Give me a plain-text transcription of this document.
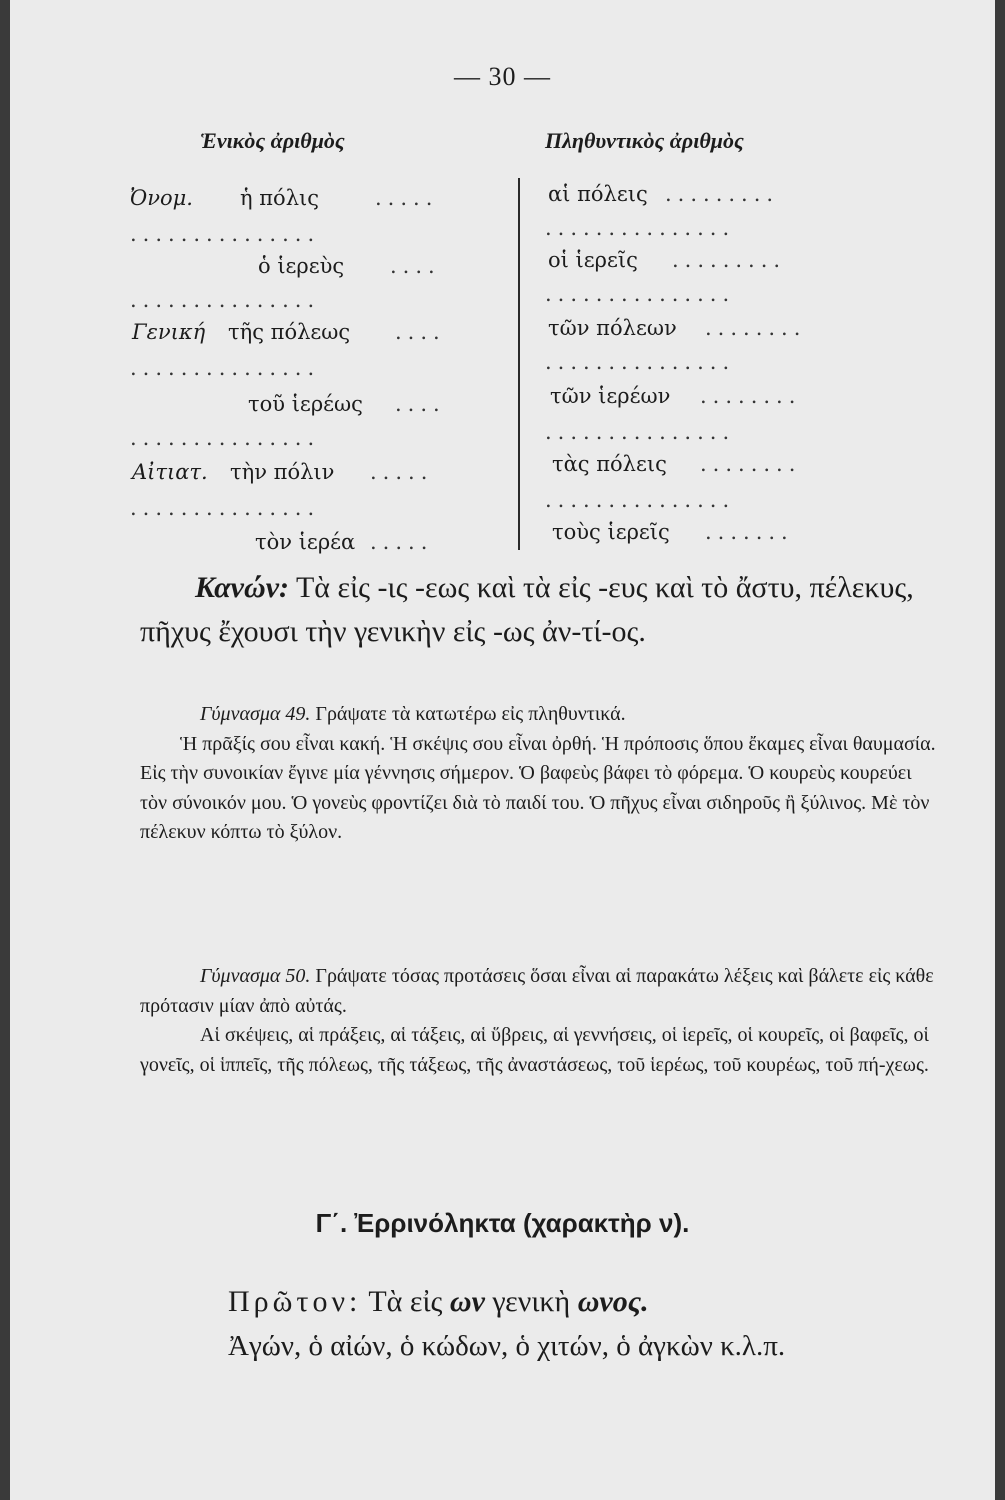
— 30 —
Ἑνικὸς ἀριθμὸς	Πληθυντικὸς ἀριθμὸς
Ὀνομ. ἡ πόλις	.....
...............
ὁ ἱερεὺς ....
...............
Γενική τῆς πόλεως ....
...............
τοῦ ἱερέως ....
...............
Αἰτιατ. τὴν πόλιν .....
...............
τὸν ἱερέα .....
αἱ πόλεις .........
...............
οἱ ἱερεῖς .........
...............
τῶν πόλεων ........
...............
τῶν ἱερέων ........
...............
τὰς πόλεις ........
...............
τοὺς ἱερεῖς .......

Κανών: Τὰ εἰς -ις -εως καὶ τὰ εἰς -ευς καὶ τὸ ἄστυ, πέλεκυς, πῆχυς ἔχουσι τὴν γενικὴν εἰς -ως ἀν-τί-ος.

Γύμνασμα 49. Γράψατε τὰ κατωτέρω εἰς πληθυντικά.

Ἡ πρᾶξίς σου εἶναι κακή. Ἡ σκέψις σου εἶναι ὀρθή. Ἡ πρόποσις ὅπου ἔκαμες εἶναι θαυμασία. Εἰς τὴν συνοικίαν ἔγινε μία γέννησις σήμερον. Ὁ βαφεὺς βάφει τὸ φόρεμα. Ὁ κουρεὺς κουρεύει τὸν σύνοικόν μου. Ὁ γονεὺς φροντίζει διὰ τὸ παιδί του. Ὁ πῆχυς εἶναι σιδηροῦς ἢ ξύλινος. Μὲ τὸν πέλεκυν κόπτω τὸ ξύλον.

Γύμνασμα 50. Γράψατε τόσας προτάσεις ὅσαι εἶναι αἱ παρακάτω λέξεις καὶ βάλετε εἰς κάθε πρότασιν μίαν ἀπὸ αὐτάς.

Αἱ σκέψεις, αἱ πράξεις, αἱ τάξεις, αἱ ὕβρεις, αἱ γεννήσεις, οἱ ἱερεῖς, οἱ κουρεῖς, οἱ βαφεῖς, οἱ γονεῖς, οἱ ἱππεῖς, τῆς πόλεως, τῆς τάξεως, τῆς ἀναστάσεως, τοῦ ἱερέως, τοῦ κουρέως, τοῦ πή-χεως.

Γ΄. Ἐρρινόληκτα (χαρακτὴρ ν).
Πρῶτον: Τὰ εἰς ων γενικὴ ωνος.
Ἀγών, ὁ αἰών, ὁ κώδων, ὁ χιτών, ὁ ἀγκὼν κ.λ.π.
